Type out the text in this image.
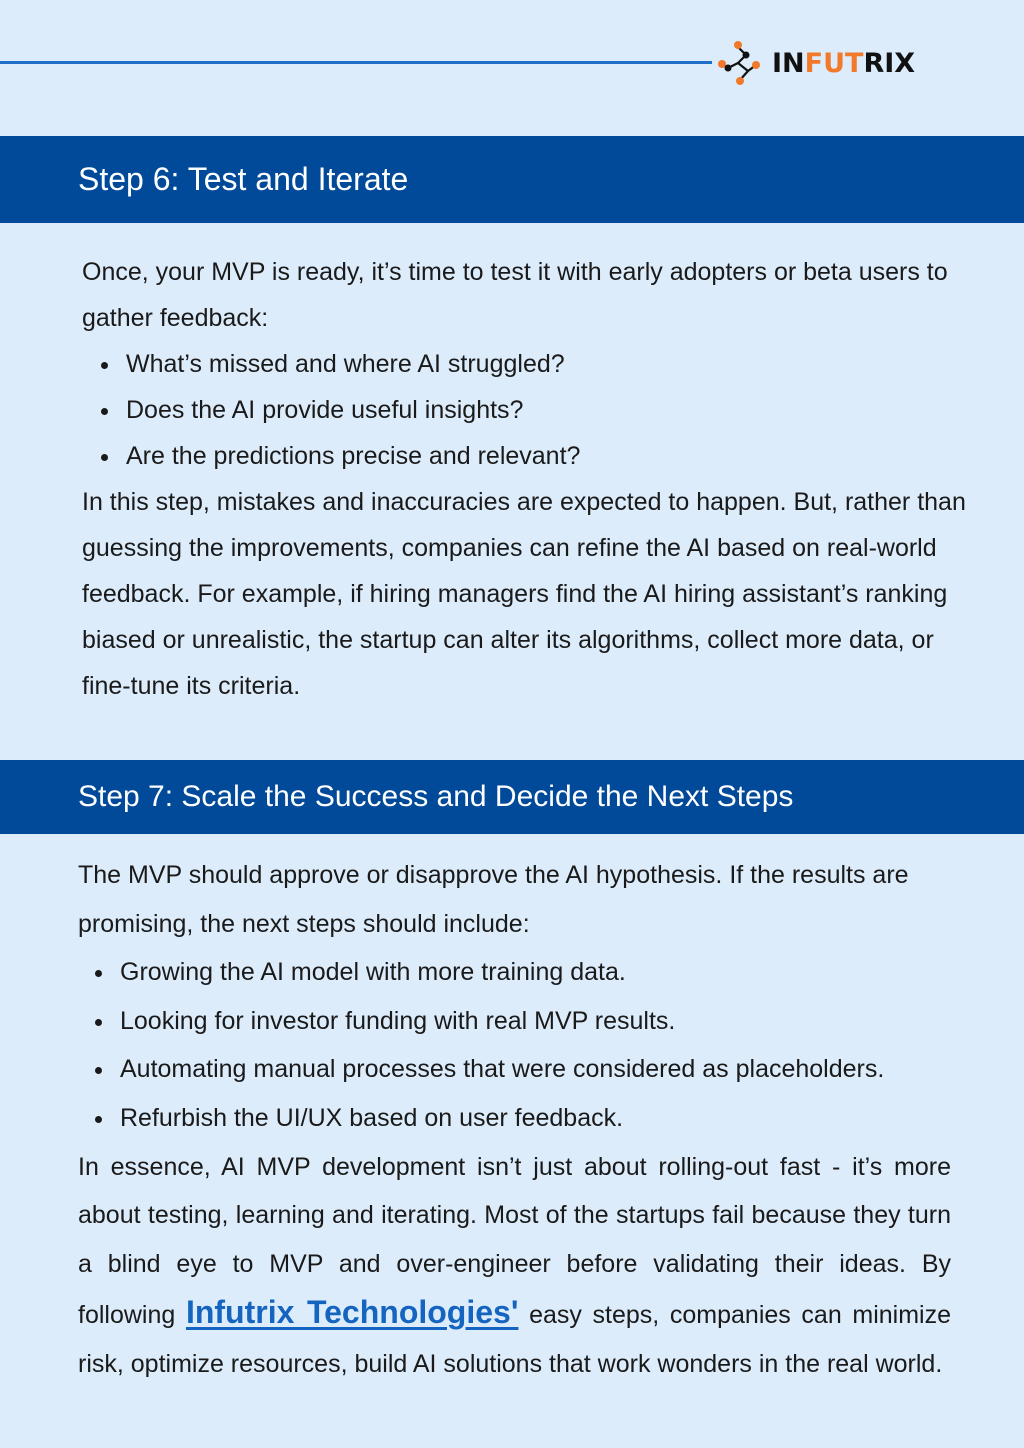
INFUTRIX
Step 6: Test and Iterate

Once, your MVP is ready, it’s time to test it with early adopters or beta users to gather feedback:

What’s missed and where AI struggled?
Does the AI provide useful insights?
Are the predictions precise and relevant?

In this step, mistakes and inaccuracies are expected to happen. But, rather than guessing the improvements, companies can refine the AI based on real-world feedback. For example, if hiring managers find the AI hiring assistant’s ranking biased or unrealistic, the startup can alter its algorithms, collect more data, or fine-tune its criteria.

Step 7: Scale the Success and Decide the Next Steps

The MVP should approve or disapprove the AI hypothesis. If the results are promising, the next steps should include:

Growing the AI model with more training data.
Looking for investor funding with real MVP results.
Automating manual processes that were considered as placeholders.
Refurbish the UI/UX based on user feedback.

In essence, AI MVP development isn’t just about rolling-out fast - it’s more about testing, learning and iterating. Most of the startups fail because they turn a blind eye to MVP and over-engineer before validating their ideas. By following Infutrix Technologies' easy steps, companies can minimize risk, optimize resources, build AI solutions that work wonders in the real world.
